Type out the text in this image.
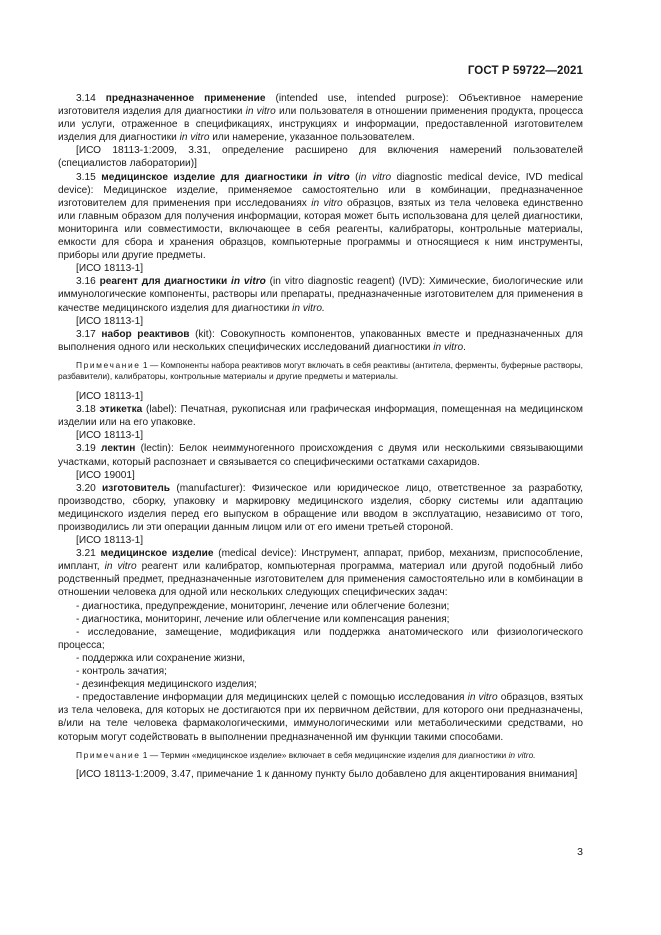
ГОСТ Р 59722—2021

3.14 предназначенное применение (intended use, intended purpose): Объективное намерение изготовителя изделия для диагностики in vitro или пользователя в отношении применения продукта, процесса или услуги, отраженное в спецификациях, инструкциях и информации, предоставленной изготовителем изделия для диагностики in vitro или намерение, указанное пользователем.

[ИСО 18113-1:2009, 3.31, определение расширено для включения намерений пользователей (специалистов лаборатории)]

3.15 медицинское изделие для диагностики in vitro (in vitro diagnostic medical device, IVD medical device): Медицинское изделие, применяемое самостоятельно или в комбинации, предназначенное изготовителем для применения при исследованиях in vitro образцов, взятых из тела человека единственно или главным образом для получения информации, которая может быть использована для целей диагностики, мониторинга или совместимости, включающее в себя реагенты, калибраторы, контрольные материалы, емкости для сбора и хранения образцов, компьютерные программы и относящиеся к ним инструменты, приборы или другие предметы.

[ИСО 18113-1]

3.16 реагент для диагностики in vitro (in vitro diagnostic reagent) (IVD): Химические, биологические или иммунологические компоненты, растворы или препараты, предназначенные изготовителем для применения в качестве медицинского изделия для диагностики in vitro.

[ИСО 18113-1]

3.17 набор реактивов (kit): Совокупность компонентов, упакованных вместе и предназначенных для выполнения одного или нескольких специфических исследований диагностики in vitro.

Примечание 1 — Компоненты набора реактивов могут включать в себя реактивы (антитела, ферменты, буферные растворы, разбавители), калибраторы, контрольные материалы и другие предметы и материалы.

[ИСО 18113-1]

3.18 этикетка (label): Печатная, рукописная или графическая информация, помещенная на медицинском изделии или на его упаковке.

[ИСО 18113-1]

3.19 лектин (lectin): Белок неиммуногенного происхождения с двумя или несколькими связывающими участками, который распознает и связывается со специфическими остатками сахаридов.

[ИСО 19001]

3.20 изготовитель (manufacturer): Физическое или юридическое лицо, ответственное за разработку, производство, сборку, упаковку и маркировку медицинского изделия, сборку системы или адаптацию медицинского изделия перед его выпуском в обращение или вводом в эксплуатацию, независимо от того, производились ли эти операции данным лицом или от его имени третьей стороной.

[ИСО 18113-1]

3.21 медицинское изделие (medical device): Инструмент, аппарат, прибор, механизм, приспособление, имплант, in vitro реагент или калибратор, компьютерная программа, материал или другой подобный либо родственный предмет, предназначенные изготовителем для применения самостоятельно или в комбинации в отношении человека для одной или нескольких следующих специфических задач:

- диагностика, предупреждение, мониторинг, лечение или облегчение болезни;
- диагностика, мониторинг, лечение или облегчение или компенсация ранения;
- исследование, замещение, модификация или поддержка анатомического или физиологического процесса;
- поддержка или сохранение жизни,
- контроль зачатия;
- дезинфекция медицинского изделия;
- предоставление информации для медицинских целей с помощью исследования in vitro образцов, взятых из тела человека, для которых не достигаются при их первичном действии, для которого они предназначены, в/или на теле человека фармакологическими, иммунологическими или метаболическими средствами, но которым могут содействовать в выполнении предназначенной им функции такими способами.

Примечание 1 — Термин «медицинское изделие» включает в себя медицинские изделия для диагностики in vitro.

[ИСО 18113-1:2009, 3.47, примечание 1 к данному пункту было добавлено для акцентирования внимания]

3
